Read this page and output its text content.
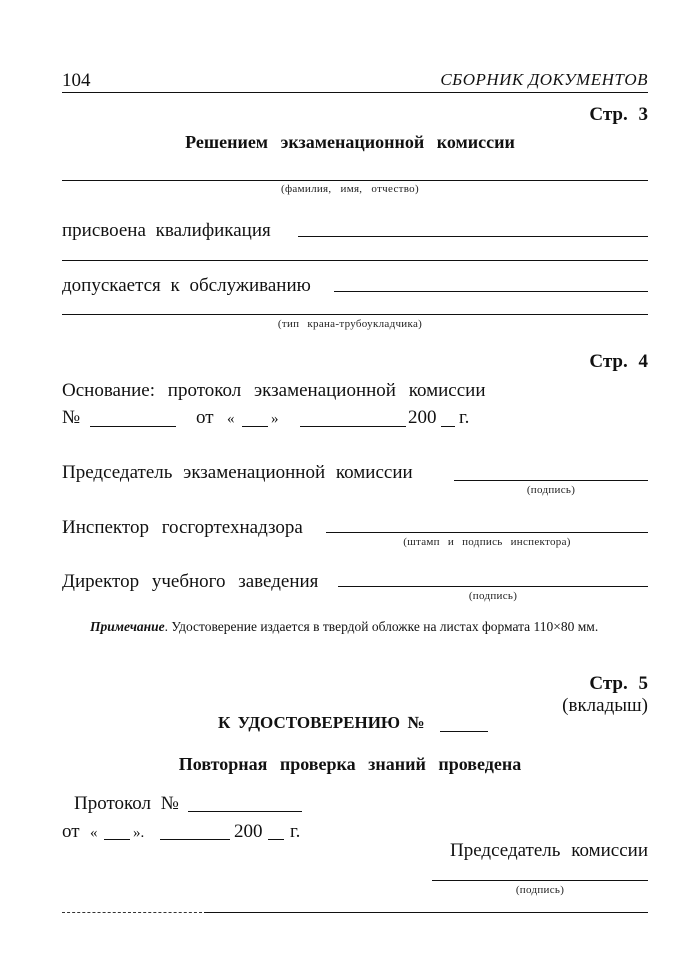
104	СБОРНИК ДОКУМЕНТОВ
Стр. 3
Решением экзаменационной комиссии
(фамилия, имя, отчество)
присвоена квалификация
допускается к обслуживанию
(тип крана-трубоукладчика)
Стр. 4
Основание: протокол экзаменационной комиссии
№	от « »	200 г.
Председатель экзаменационной комиссии
(подпись)
Инспектор госгортехнадзора
(штамп и подпись инспектора)
Директор учебного заведения
(подпись)
Примечание. Удостоверение издается в твердой обложке на листах формата 110×80 мм.
Стр. 5
(вкладыш)
К УДОСТОВЕРЕНИЮ №
Повторная проверка знаний проведена
Протокол №
от « ».	200 г.
Председатель комиссии
(подпись)
